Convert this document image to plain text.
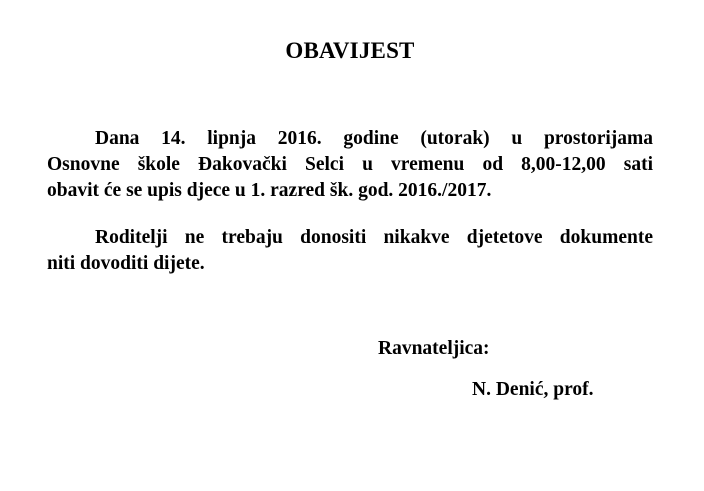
OBAVIJEST

Dana 14. lipnja 2016. godine (utorak) u prostorijama
Osnovne škole Đakovački Selci u vremenu od 8,00-12,00 sati
obavit će se upis djece u 1. razred šk. god. 2016./2017.

Roditelji ne trebaju donositi nikakve djetetove dokumente
niti dovoditi dijete.

Ravnateljica:
N. Denić, prof.
